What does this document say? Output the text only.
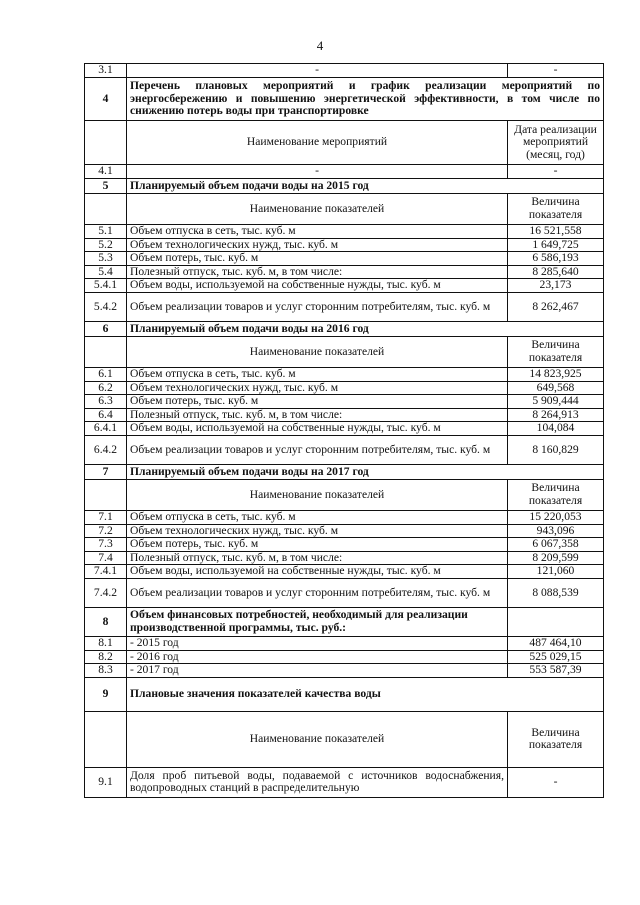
4
3.1	-	-
4	Перечень плановых мероприятий и график реализации мероприятий по энергосбережению и повышению энергетической эффективности, в том числе по снижению потерь воды при транспортировке	
	Наименование мероприятий	Дата реализации мероприятий (месяц, год)
4.1	-	-
5	Планируемый объем подачи воды на 2015 год	
	Наименование показателей	Величина показателя
5.1	Объем отпуска в сеть, тыс. куб. м	16 521,558
5.2	Объем технологических нужд, тыс. куб. м	1 649,725
5.3	Объем потерь, тыс. куб. м	6 586,193
5.4	Полезный отпуск, тыс. куб. м, в том числе:	8 285,640
5.4.1	Объем воды, используемой на собственные нужды, тыс. куб. м	23,173
5.4.2	Объем реализации товаров и услуг сторонним потребителям, тыс. куб. м	8 262,467
6	Планируемый объем подачи воды на 2016 год	
	Наименование показателей	Величина показателя
6.1	Объем отпуска в сеть, тыс. куб. м	14 823,925
6.2	Объем технологических нужд, тыс. куб. м	649,568
6.3	Объем потерь, тыс. куб. м	5 909,444
6.4	Полезный отпуск, тыс. куб. м, в том числе:	8 264,913
6.4.1	Объем воды, используемой на собственные нужды, тыс. куб. м	104,084
6.4.2	Объем реализации товаров и услуг сторонним потребителям, тыс. куб. м	8 160,829
7	Планируемый объем подачи воды на 2017 год	
	Наименование показателей	Величина показателя
7.1	Объем отпуска в сеть, тыс. куб. м	15 220,053
7.2	Объем технологических нужд, тыс. куб. м	943,096
7.3	Объем потерь, тыс. куб. м	6 067,358
7.4	Полезный отпуск, тыс. куб. м, в том числе:	8 209,599
7.4.1	Объем воды, используемой на собственные нужды, тыс. куб. м	121,060
7.4.2	Объем реализации товаров и услуг сторонним потребителям, тыс. куб. м	8 088,539
8	Объем финансовых потребностей, необходимый для реализации производственной программы, тыс. руб.:	
8.1	- 2015 год	487 464,10
8.2	- 2016 год	525 029,15
8.3	- 2017 год	553 587,39
9	Плановые значения показателей качества воды	
	Наименование показателей	Величина показателя
9.1	Доля проб питьевой воды, подаваемой с источников водоснабжения, водопроводных станций в распределительную	-
